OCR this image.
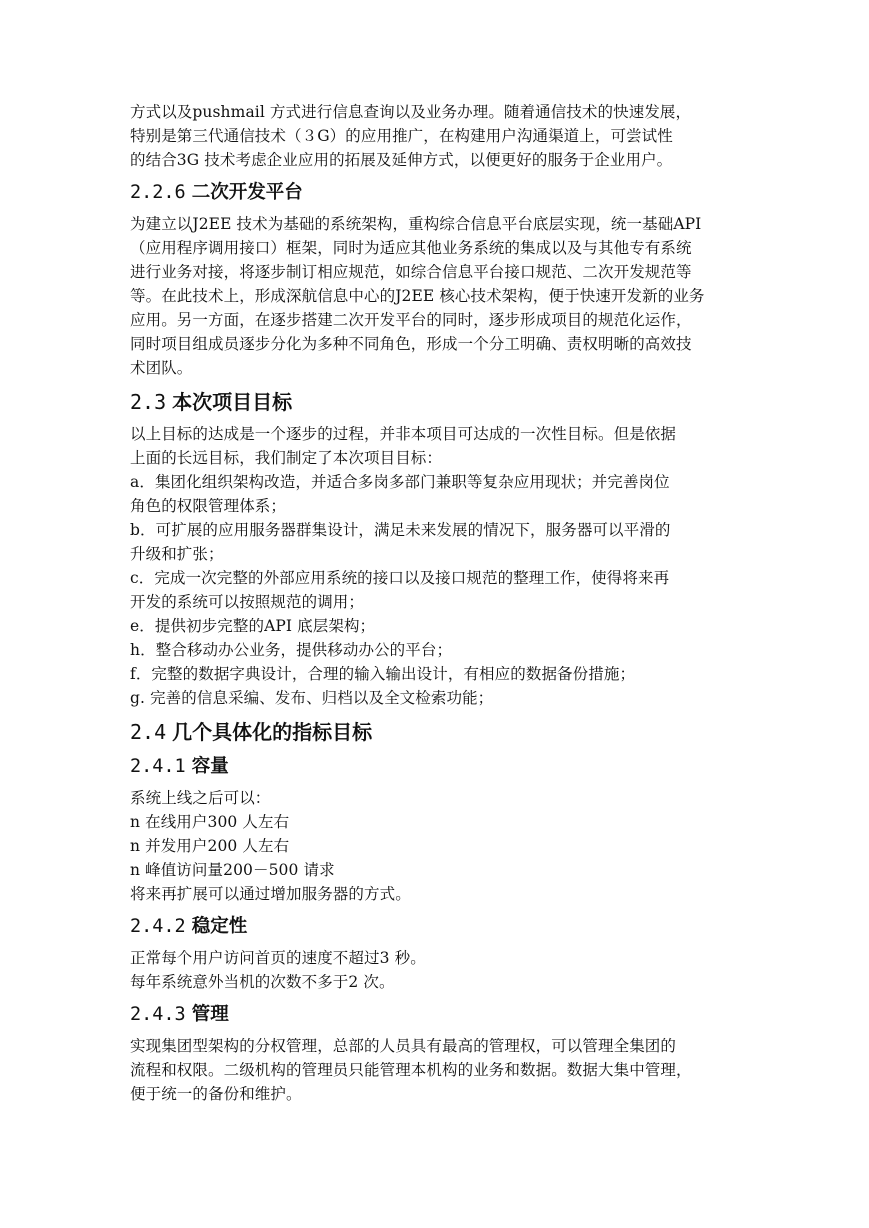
方式以及pushmail 方式进行信息查询以及业务办理。随着通信技术的快速发展，
特别是第三代通信技术（３G）的应用推广，在构建用户沟通渠道上，可尝试性
的结合3G 技术考虑企业应用的拓展及延伸方式，以便更好的服务于企业用户。
2.2.6 二次开发平台
为建立以J2EE 技术为基础的系统架构，重构综合信息平台底层实现，统一基础API
（应用程序调用接口）框架，同时为适应其他业务系统的集成以及与其他专有系统
进行业务对接，将逐步制订相应规范，如综合信息平台接口规范、二次开发规范等
等。在此技术上，形成深航信息中心的J2EE 核心技术架构，便于快速开发新的业务
应用。另一方面，在逐步搭建二次开发平台的同时，逐步形成项目的规范化运作，
同时项目组成员逐步分化为多种不同角色，形成一个分工明确、责权明晰的高效技
术团队。
2.3 本次项目目标
以上目标的达成是一个逐步的过程，并非本项目可达成的一次性目标。但是依据
上面的长远目标，我们制定了本次项目目标：
a．集团化组织架构改造，并适合多岗多部门兼职等复杂应用现状；并完善岗位
角色的权限管理体系；
b．可扩展的应用服务器群集设计，满足未来发展的情况下，服务器可以平滑的
升级和扩张；
c．完成一次完整的外部应用系统的接口以及接口规范的整理工作，使得将来再
开发的系统可以按照规范的调用；
e．提供初步完整的API 底层架构；
h．整合移动办公业务，提供移动办公的平台；
f．完整的数据字典设计，合理的输入输出设计，有相应的数据备份措施；
g. 完善的信息采编、发布、归档以及全文检索功能；
2.4 几个具体化的指标目标
2.4.1 容量
系统上线之后可以：
n 在线用户300 人左右
n 并发用户200 人左右
n 峰值访问量200－500 请求
将来再扩展可以通过增加服务器的方式。
2.4.2 稳定性
正常每个用户访问首页的速度不超过3 秒。
每年系统意外当机的次数不多于2 次。
2.4.3 管理
实现集团型架构的分权管理，总部的人员具有最高的管理权，可以管理全集团的
流程和权限。二级机构的管理员只能管理本机构的业务和数据。数据大集中管理，
便于统一的备份和维护。
